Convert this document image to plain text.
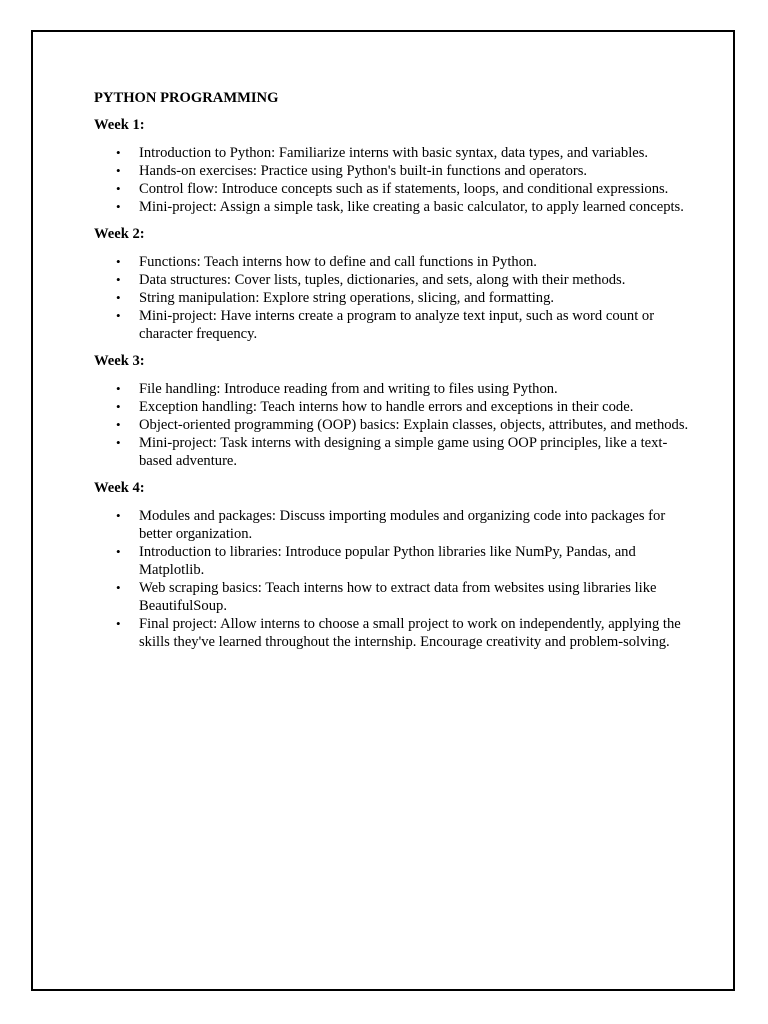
PYTHON PROGRAMMING
Week 1:
• Introduction to Python: Familiarize interns with basic syntax, data types, and variables.
• Hands-on exercises: Practice using Python's built-in functions and operators.
• Control flow: Introduce concepts such as if statements, loops, and conditional expressions.
• Mini-project: Assign a simple task, like creating a basic calculator, to apply learned concepts.
Week 2:
• Functions: Teach interns how to define and call functions in Python.
• Data structures: Cover lists, tuples, dictionaries, and sets, along with their methods.
• String manipulation: Explore string operations, slicing, and formatting.
• Mini-project: Have interns create a program to analyze text input, such as word count or character frequency.
Week 3:
• File handling: Introduce reading from and writing to files using Python.
• Exception handling: Teach interns how to handle errors and exceptions in their code.
• Object-oriented programming (OOP) basics: Explain classes, objects, attributes, and methods.
• Mini-project: Task interns with designing a simple game using OOP principles, like a text-based adventure.
Week 4:
• Modules and packages: Discuss importing modules and organizing code into packages for better organization.
• Introduction to libraries: Introduce popular Python libraries like NumPy, Pandas, and Matplotlib.
• Web scraping basics: Teach interns how to extract data from websites using libraries like BeautifulSoup.
• Final project: Allow interns to choose a small project to work on independently, applying the skills they've learned throughout the internship. Encourage creativity and problem-solving.
